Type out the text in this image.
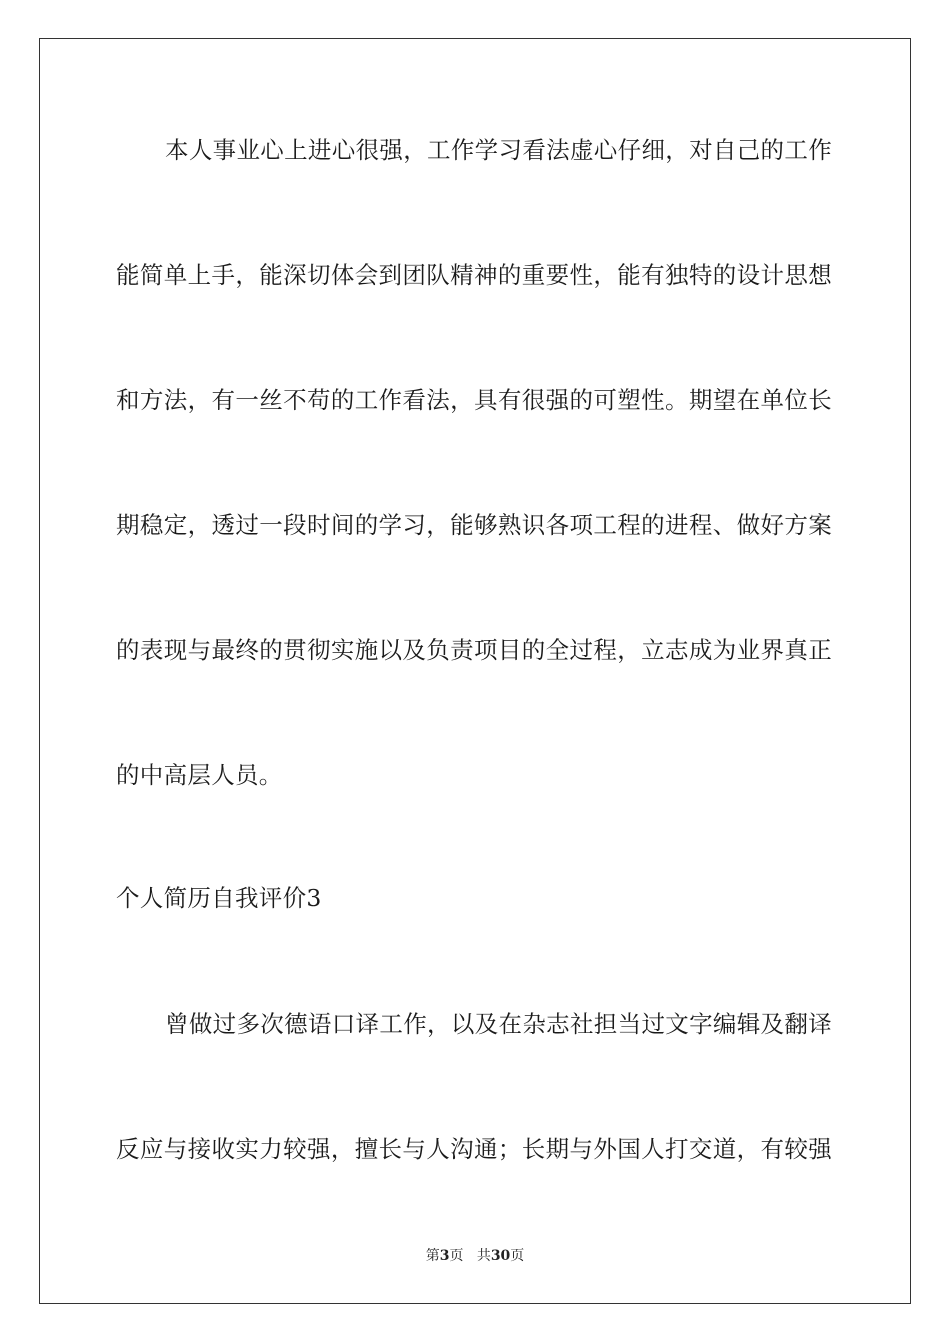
本人事业心上进心很强，工作学习看法虚心仔细，对自己的工作
能简单上手，能深切体会到团队精神的重要性，能有独特的设计思想
和方法，有一丝不苟的工作看法，具有很强的可塑性。期望在单位长
期稳定，透过一段时间的学习，能够熟识各项工程的进程、做好方案
的表现与最终的贯彻实施以及负责项目的全过程，立志成为业界真正
的中高层人员。
个人简历自我评价3
曾做过多次德语口译工作，以及在杂志社担当过文字编辑及翻译
反应与接收实力较强，擅长与人沟通；长期与外国人打交道，有较强
第3页 共30页
